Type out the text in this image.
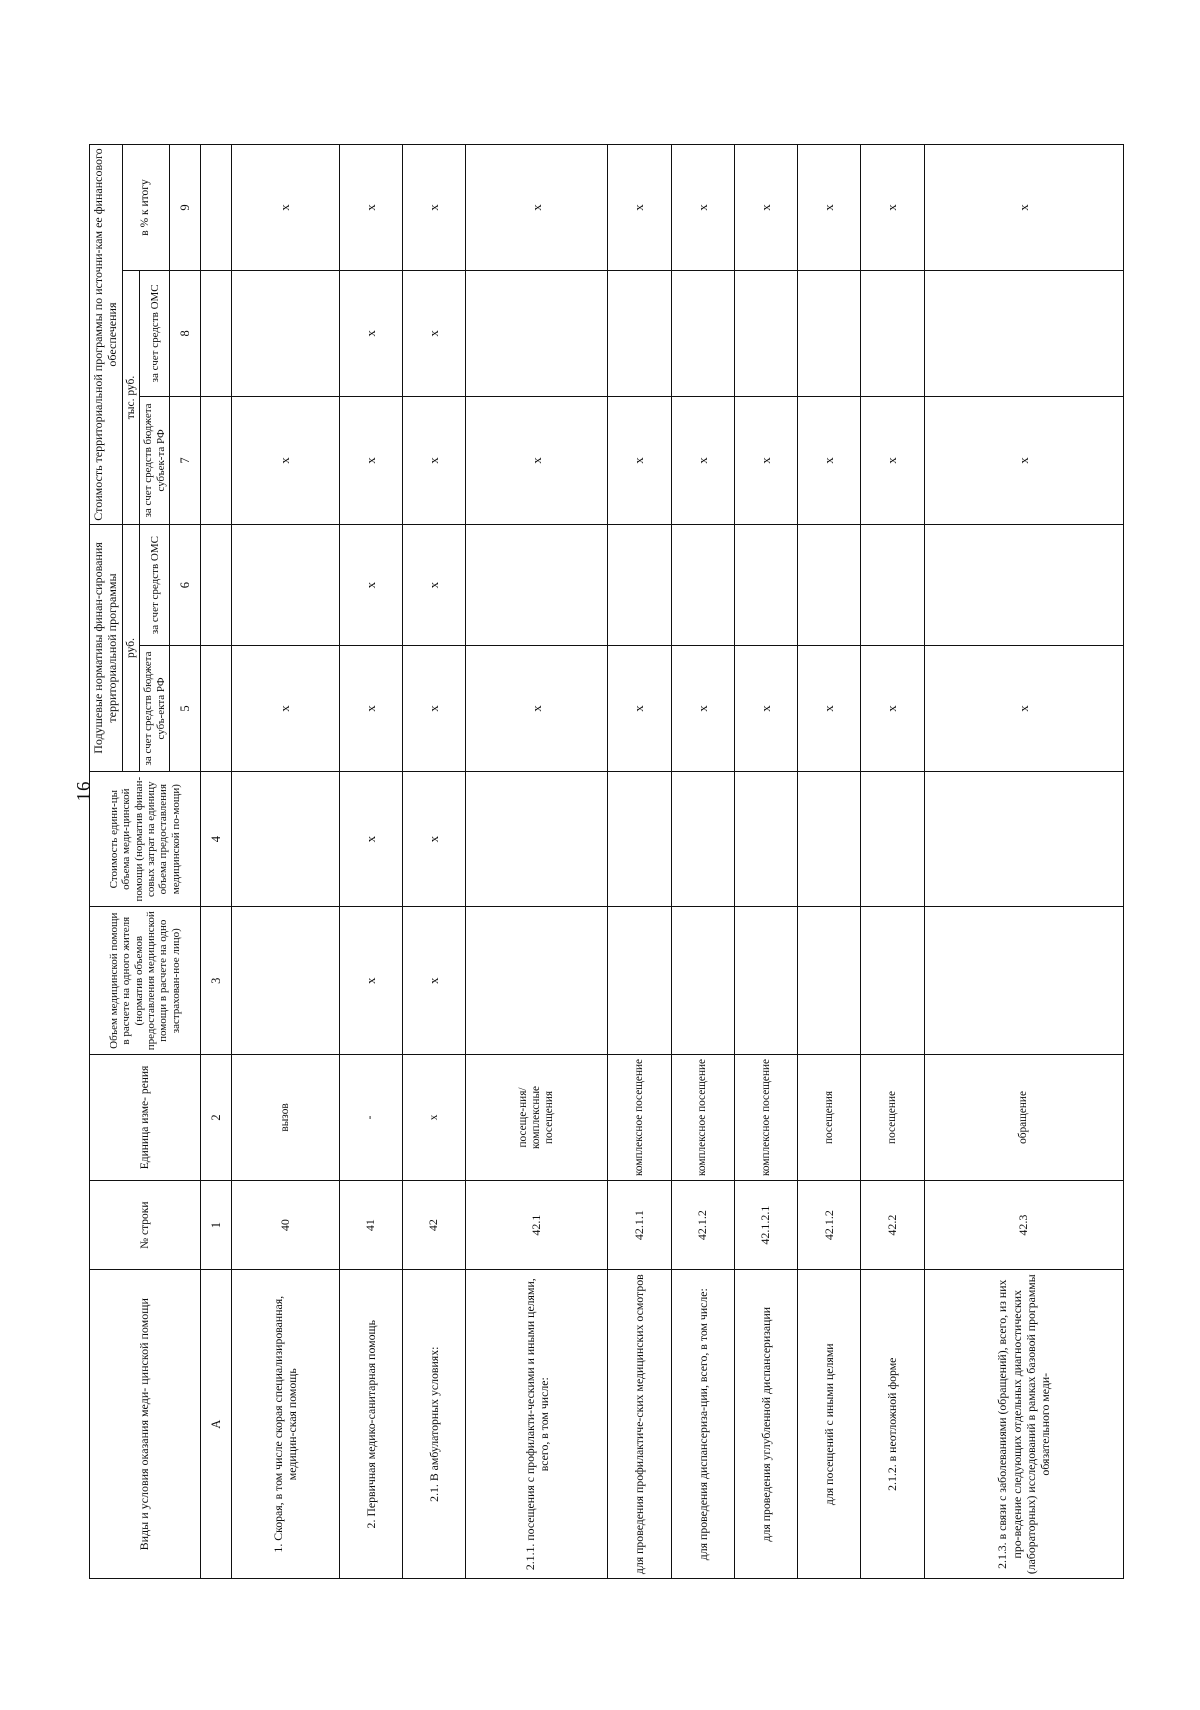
16
Виды и условия оказания меди- цинской помощи	№ строки	Единица изме- рения	Объем медицинской помощи в расчете на одного жителя (норматив объемов предоставления медицинской помощи в расчете на одно застрахован-ное лицо)	Стоимость едини-цы объема меди-цинской помощи (норматив финан-совых затрат на единицу объема предоставления медицинской по-мощи)	Подушевые нормативы финан-сирования территориальной программы		Стоимость территориальной программы по источни-кам ее финансового обеспечения		
					руб.		тыс. руб.		в % к итогу
					за счет средств бюджета субъ-екта РФ	за счет средств ОМС	за счет средств бюджета субъек-та РФ	за счет средств ОМС	
					5	6	7	8	9
А	1	2	3	4					
1. Скорая, в том числе скорая специализированная, медицин-ская помощь	40	вызов			х		х		х
2. Первичная медико-санитарная помощь	41	-	х	х	х	х	х	х	х
2.1. В амбулаторных условиях:	42	х	х	х	х	х	х	х	х
2.1.1. посещения с профилакти-ческими и иными целями, всего, в том числе:	42.1	посеще-ния/комплексные посещения			х		х		х
для проведения профилактиче-ских медицинских осмотров	42.1.1	комплексное посещение			х		х		х
для проведения диспансериза-ции, всего, в том числе:	42.1.2	комплексное посещение			х		х		х
для проведения углубленной диспансеризации	42.1.2.1	комплексное посещение			х		х		х
для посещений с иными целями	42.1.2	посещения			х		х		х
2.1.2. в неотложной форме	42.2	посещение			х		х		х
2.1.3. в связи с заболеваниями (обращений), всего, из них про-ведение следующих отдельных диагностических (лабораторных) исследований в рамках базовой программы обязательного меди-	42.3	обращение			х		х		х
